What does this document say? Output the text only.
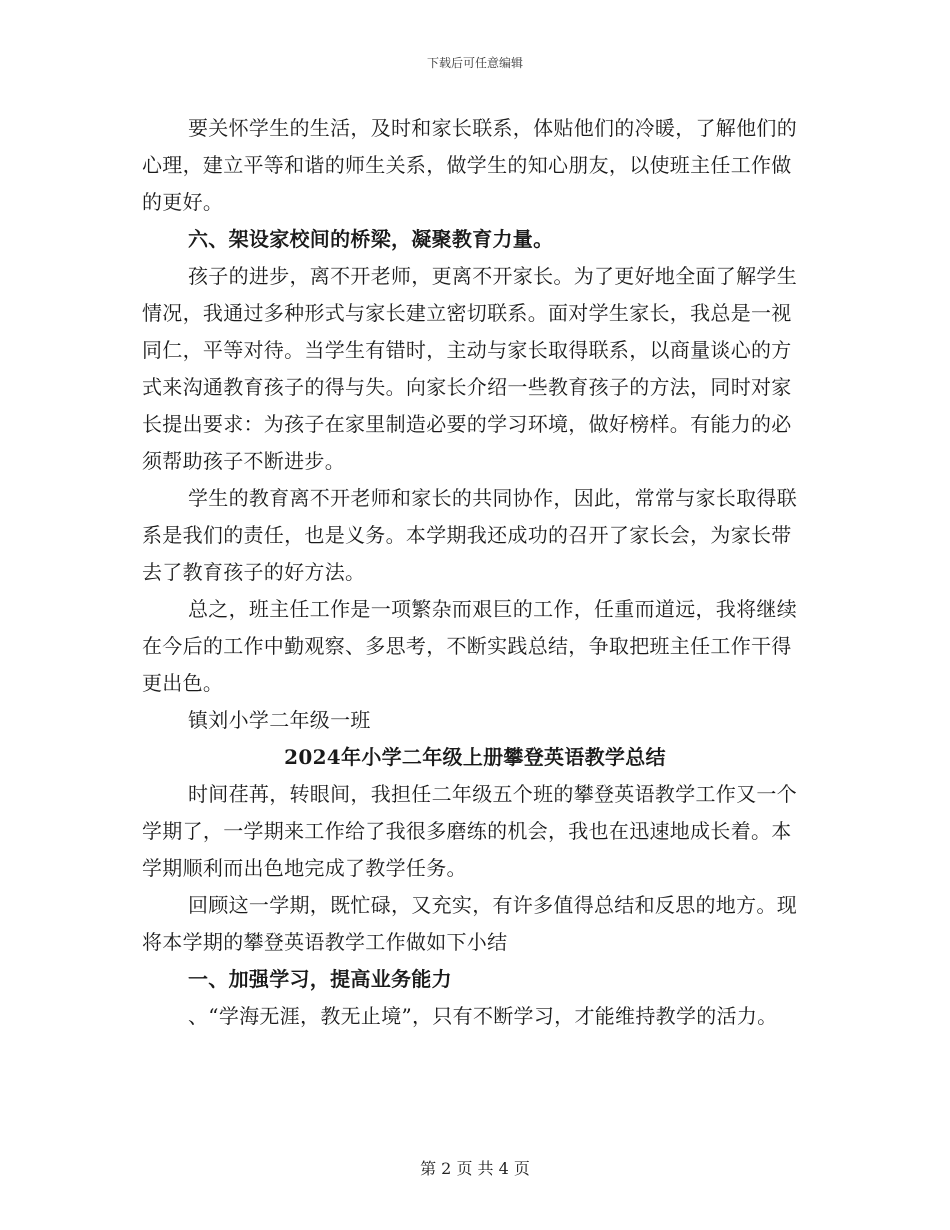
下载后可任意编辑

要关怀学生的生活，及时和家长联系，体贴他们的冷暖，了解他们的心理，建立平等和谐的师生关系，做学生的知心朋友，以使班主任工作做的更好。

六、架设家校间的桥梁，凝聚教育力量。

孩子的进步，离不开老师，更离不开家长。为了更好地全面了解学生情况，我通过多种形式与家长建立密切联系。面对学生家长，我总是一视同仁，平等对待。当学生有错时，主动与家长取得联系，以商量谈心的方式来沟通教育孩子的得与失。向家长介绍一些教育孩子的方法，同时对家长提出要求：为孩子在家里制造必要的学习环境，做好榜样。有能力的必须帮助孩子不断进步。

学生的教育离不开老师和家长的共同协作，因此，常常与家长取得联系是我们的责任，也是义务。本学期我还成功的召开了家长会，为家长带去了教育孩子的好方法。

总之，班主任工作是一项繁杂而艰巨的工作，任重而道远，我将继续在今后的工作中勤观察、多思考，不断实践总结，争取把班主任工作干得更出色。

镇刘小学二年级一班

2024年小学二年级上册攀登英语教学总结

时间荏苒，转眼间，我担任二年级五个班的攀登英语教学工作又一个学期了，一学期来工作给了我很多磨练的机会，我也在迅速地成长着。本学期顺利而出色地完成了教学任务。

回顾这一学期，既忙碌，又充实，有许多值得总结和反思的地方。现将本学期的攀登英语教学工作做如下小结

一、加强学习，提高业务能力

、“学海无涯，教无止境”，只有不断学习，才能维持教学的活力。

第 2 页 共 4 页
